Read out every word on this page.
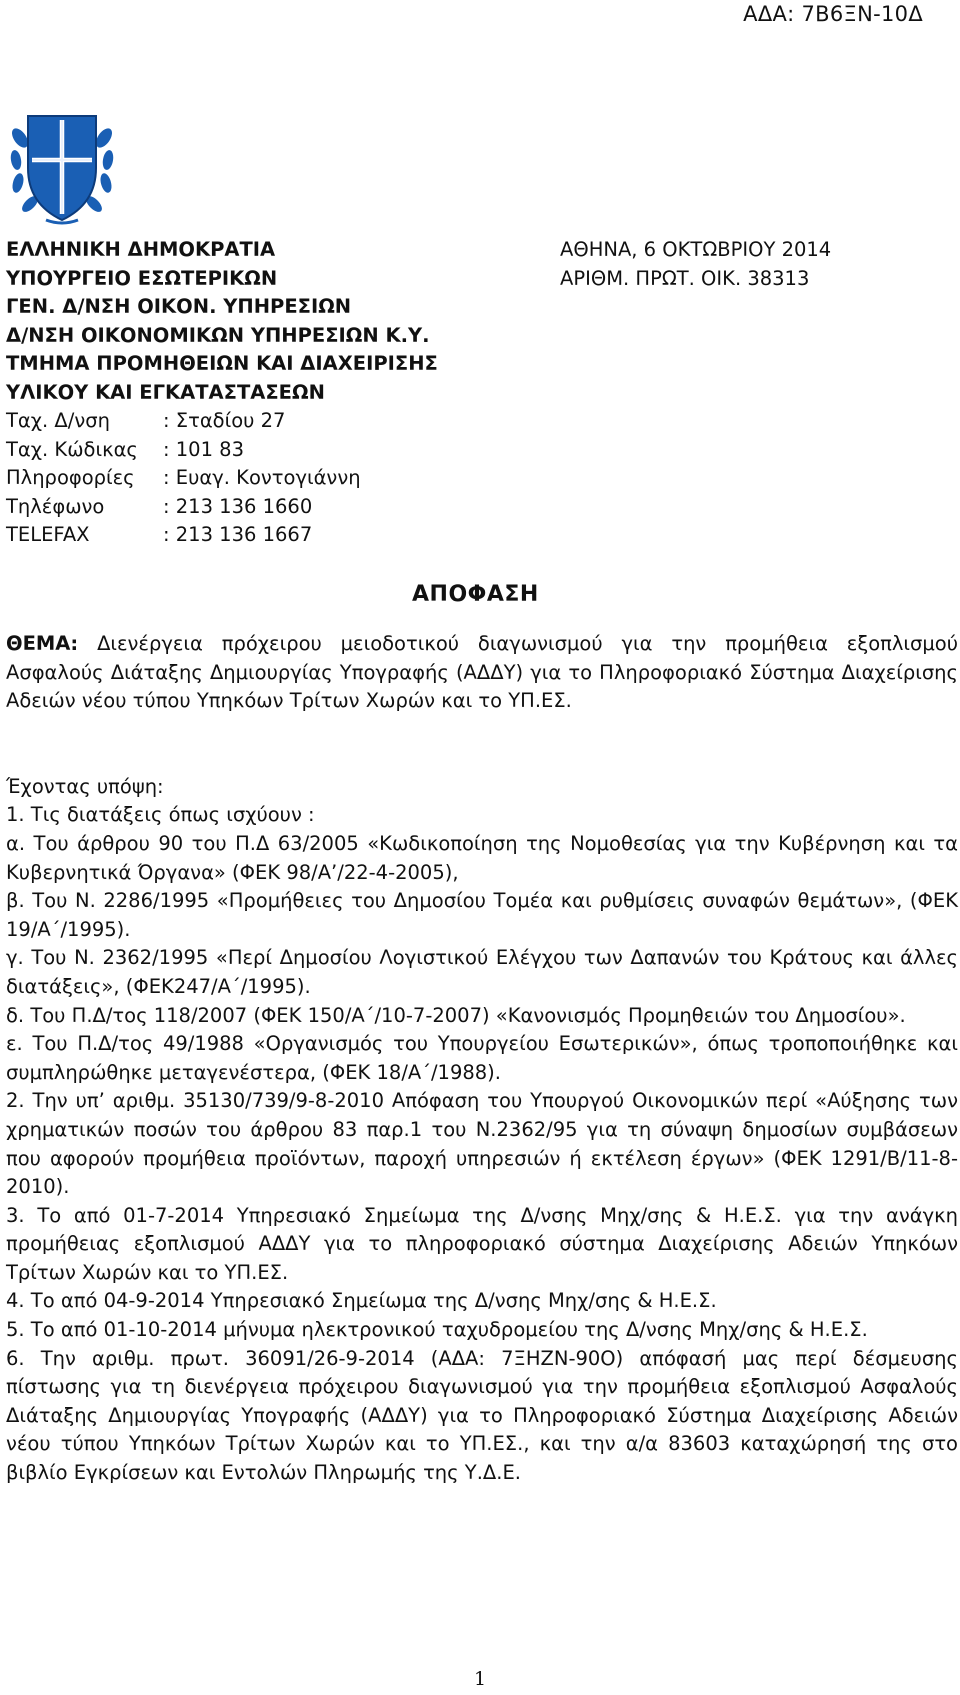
ΑΔΑ: 7Β6ΞΝ-10Δ
ΕΛΛΗΝΙΚΗ ΔΗΜΟΚΡΑΤΙΑ
ΥΠΟΥΡΓΕΙΟ ΕΣΩΤΕΡΙΚΩΝ
ΓΕΝ. Δ/ΝΣΗ ΟΙΚΟΝ. ΥΠΗΡΕΣΙΩΝ
Δ/ΝΣΗ ΟΙΚΟΝΟΜΙΚΩΝ ΥΠΗΡΕΣΙΩΝ Κ.Υ.
ΤΜΗΜΑ ΠΡΟΜΗΘΕΙΩΝ ΚΑΙ ΔΙΑΧΕΙΡΙΣΗΣ
ΥΛΙΚΟΥ ΚΑΙ ΕΓΚΑΤΑΣΤΑΣΕΩΝ
Ταχ. Δ/νση	: Σταδίου 27
Ταχ. Κώδικας : 101 83
Πληροφορίες : Ευαγ. Κοντογιάννη
Τηλέφωνο	: 213 136 1660
TELEFAX	: 213 136 1667
ΑΘΗΝΑ, 6 ΟΚΤΩΒΡΙΟΥ 2014
ΑΡΙΘΜ. ΠΡΩΤ. ΟΙΚ. 38313
ΑΠΟΦΑΣΗ

ΘΕΜΑ: Διενέργεια πρόχειρου μειοδοτικού διαγωνισμού για την προμήθεια εξοπλισμού Ασφαλούς Διάταξης Δημιουργίας Υπογραφής (ΑΔΔΥ) για το Πληροφοριακό Σύστημα Διαχείρισης Αδειών νέου τύπου Υπηκόων Τρίτων Χωρών και το ΥΠ.ΕΣ.

Έχοντας υπόψη:

1. Τις διατάξεις όπως ισχύουν :

α. Του άρθρου 90 του Π.Δ 63/2005 «Κωδικοποίηση της Νομοθεσίας για την Κυβέρνηση και τα Κυβερνητικά Όργανα» (ΦΕΚ 98/Α’/22-4-2005),

β. Του Ν. 2286/1995 «Προμήθειες του Δημοσίου Τομέα και ρυθμίσεις συναφών θεμάτων», (ΦΕΚ 19/Α΄/1995).

γ. Του Ν. 2362/1995 «Περί Δημοσίου Λογιστικού Ελέγχου των Δαπανών του Κράτους και άλλες διατάξεις», (ΦΕΚ247/Α΄/1995).

δ. Του Π.Δ/τος 118/2007 (ΦΕΚ 150/Α΄/10-7-2007) «Κανονισμός Προμηθειών του Δημοσίου».

ε. Του Π.Δ/τος 49/1988 «Οργανισμός του Υπουργείου Εσωτερικών», όπως τροποποιήθηκε και συμπληρώθηκε μεταγενέστερα, (ΦΕΚ 18/Α΄/1988).

2. Την υπ’ αριθμ. 35130/739/9-8-2010 Απόφαση του Υπουργού Οικονομικών περί «Αύξησης των χρηματικών ποσών του άρθρου 83 παρ.1 του Ν.2362/95 για τη σύναψη δημοσίων συμβάσεων που αφορούν προμήθεια προϊόντων, παροχή υπηρεσιών ή εκτέλεση έργων» (ΦΕΚ 1291/Β/11-8-2010).

3. Το από 01-7-2014 Υπηρεσιακό Σημείωμα της Δ/νσης Μηχ/σης & Η.Ε.Σ. για την ανάγκη προμήθειας εξοπλισμού ΑΔΔΥ για το πληροφοριακό σύστημα Διαχείρισης Αδειών Υπηκόων Τρίτων Χωρών και το ΥΠ.ΕΣ.

4. Το από 04-9-2014 Υπηρεσιακό Σημείωμα της Δ/νσης Μηχ/σης & Η.Ε.Σ.

5. Το από 01-10-2014 μήνυμα ηλεκτρονικού ταχυδρομείου της Δ/νσης Μηχ/σης & Η.Ε.Σ.

6. Την αριθμ. πρωτ. 36091/26-9-2014 (ΑΔΑ: 7ΞΗΖΝ-90Ο) απόφασή μας περί δέσμευσης πίστωσης για τη διενέργεια πρόχειρου διαγωνισμού για την προμήθεια εξοπλισμού Ασφαλούς Διάταξης Δημιουργίας Υπογραφής (ΑΔΔΥ) για το Πληροφοριακό Σύστημα Διαχείρισης Αδειών νέου τύπου Υπηκόων Τρίτων Χωρών και το ΥΠ.ΕΣ., και την α/α 83603 καταχώρησή της στο βιβλίο Εγκρίσεων και Εντολών Πληρωμής της Υ.Δ.Ε.

1
